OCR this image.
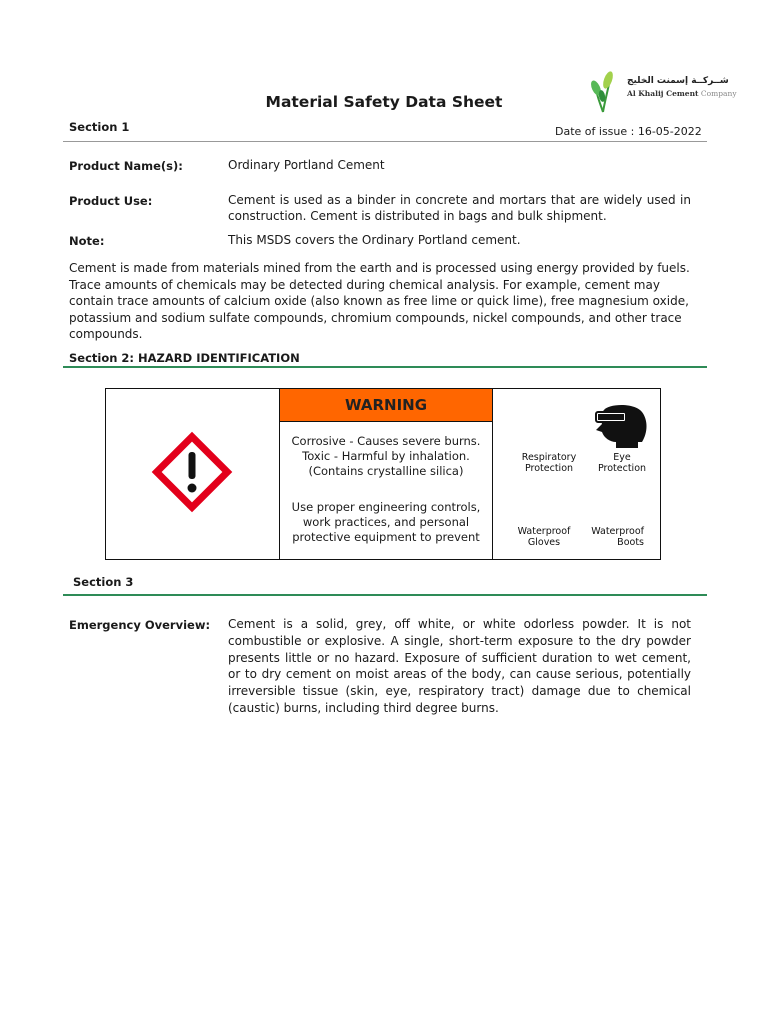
شــركــة إسمنت الخليج
Al Khalij Cement Company
Material Safety Data Sheet
Section 1	Date of issue : 16-05-2022
Product Name(s):	Ordinary Portland Cement
Product Use:	Cement is used as a binder in concrete and mortars that are widely used in construction. Cement is distributed in bags and bulk shipment.
Note:	This MSDS covers the Ordinary Portland cement.
Cement is made from materials mined from the earth and is processed using energy provided by fuels. Trace amounts of chemicals may be detected during chemical analysis. For example, cement may contain trace amounts of calcium oxide (also known as free lime or quick lime), free magnesium oxide, potassium and sodium sulfate compounds, chromium compounds, nickel compounds, and other trace compounds.
Section 2: HAZARD IDENTIFICATION
WARNING
Corrosive - Causes severe burns. Toxic - Harmful by inhalation. (Contains crystalline silica)
Use proper engineering controls, work practices, and personal protective equipment to prevent
Respiratory Protection
Eye Protection
Waterproof Gloves
Waterproof Boots
Section 3
Emergency Overview: Cement is a solid, grey, off white, or white odorless powder. It is not combustible or explosive. A single, short-term exposure to the dry powder presents little or no hazard. Exposure of sufficient duration to wet cement, or to dry cement on moist areas of the body, can cause serious, potentially irreversible tissue (skin, eye, respiratory tract) damage due to chemical (caustic) burns, including third degree burns.
